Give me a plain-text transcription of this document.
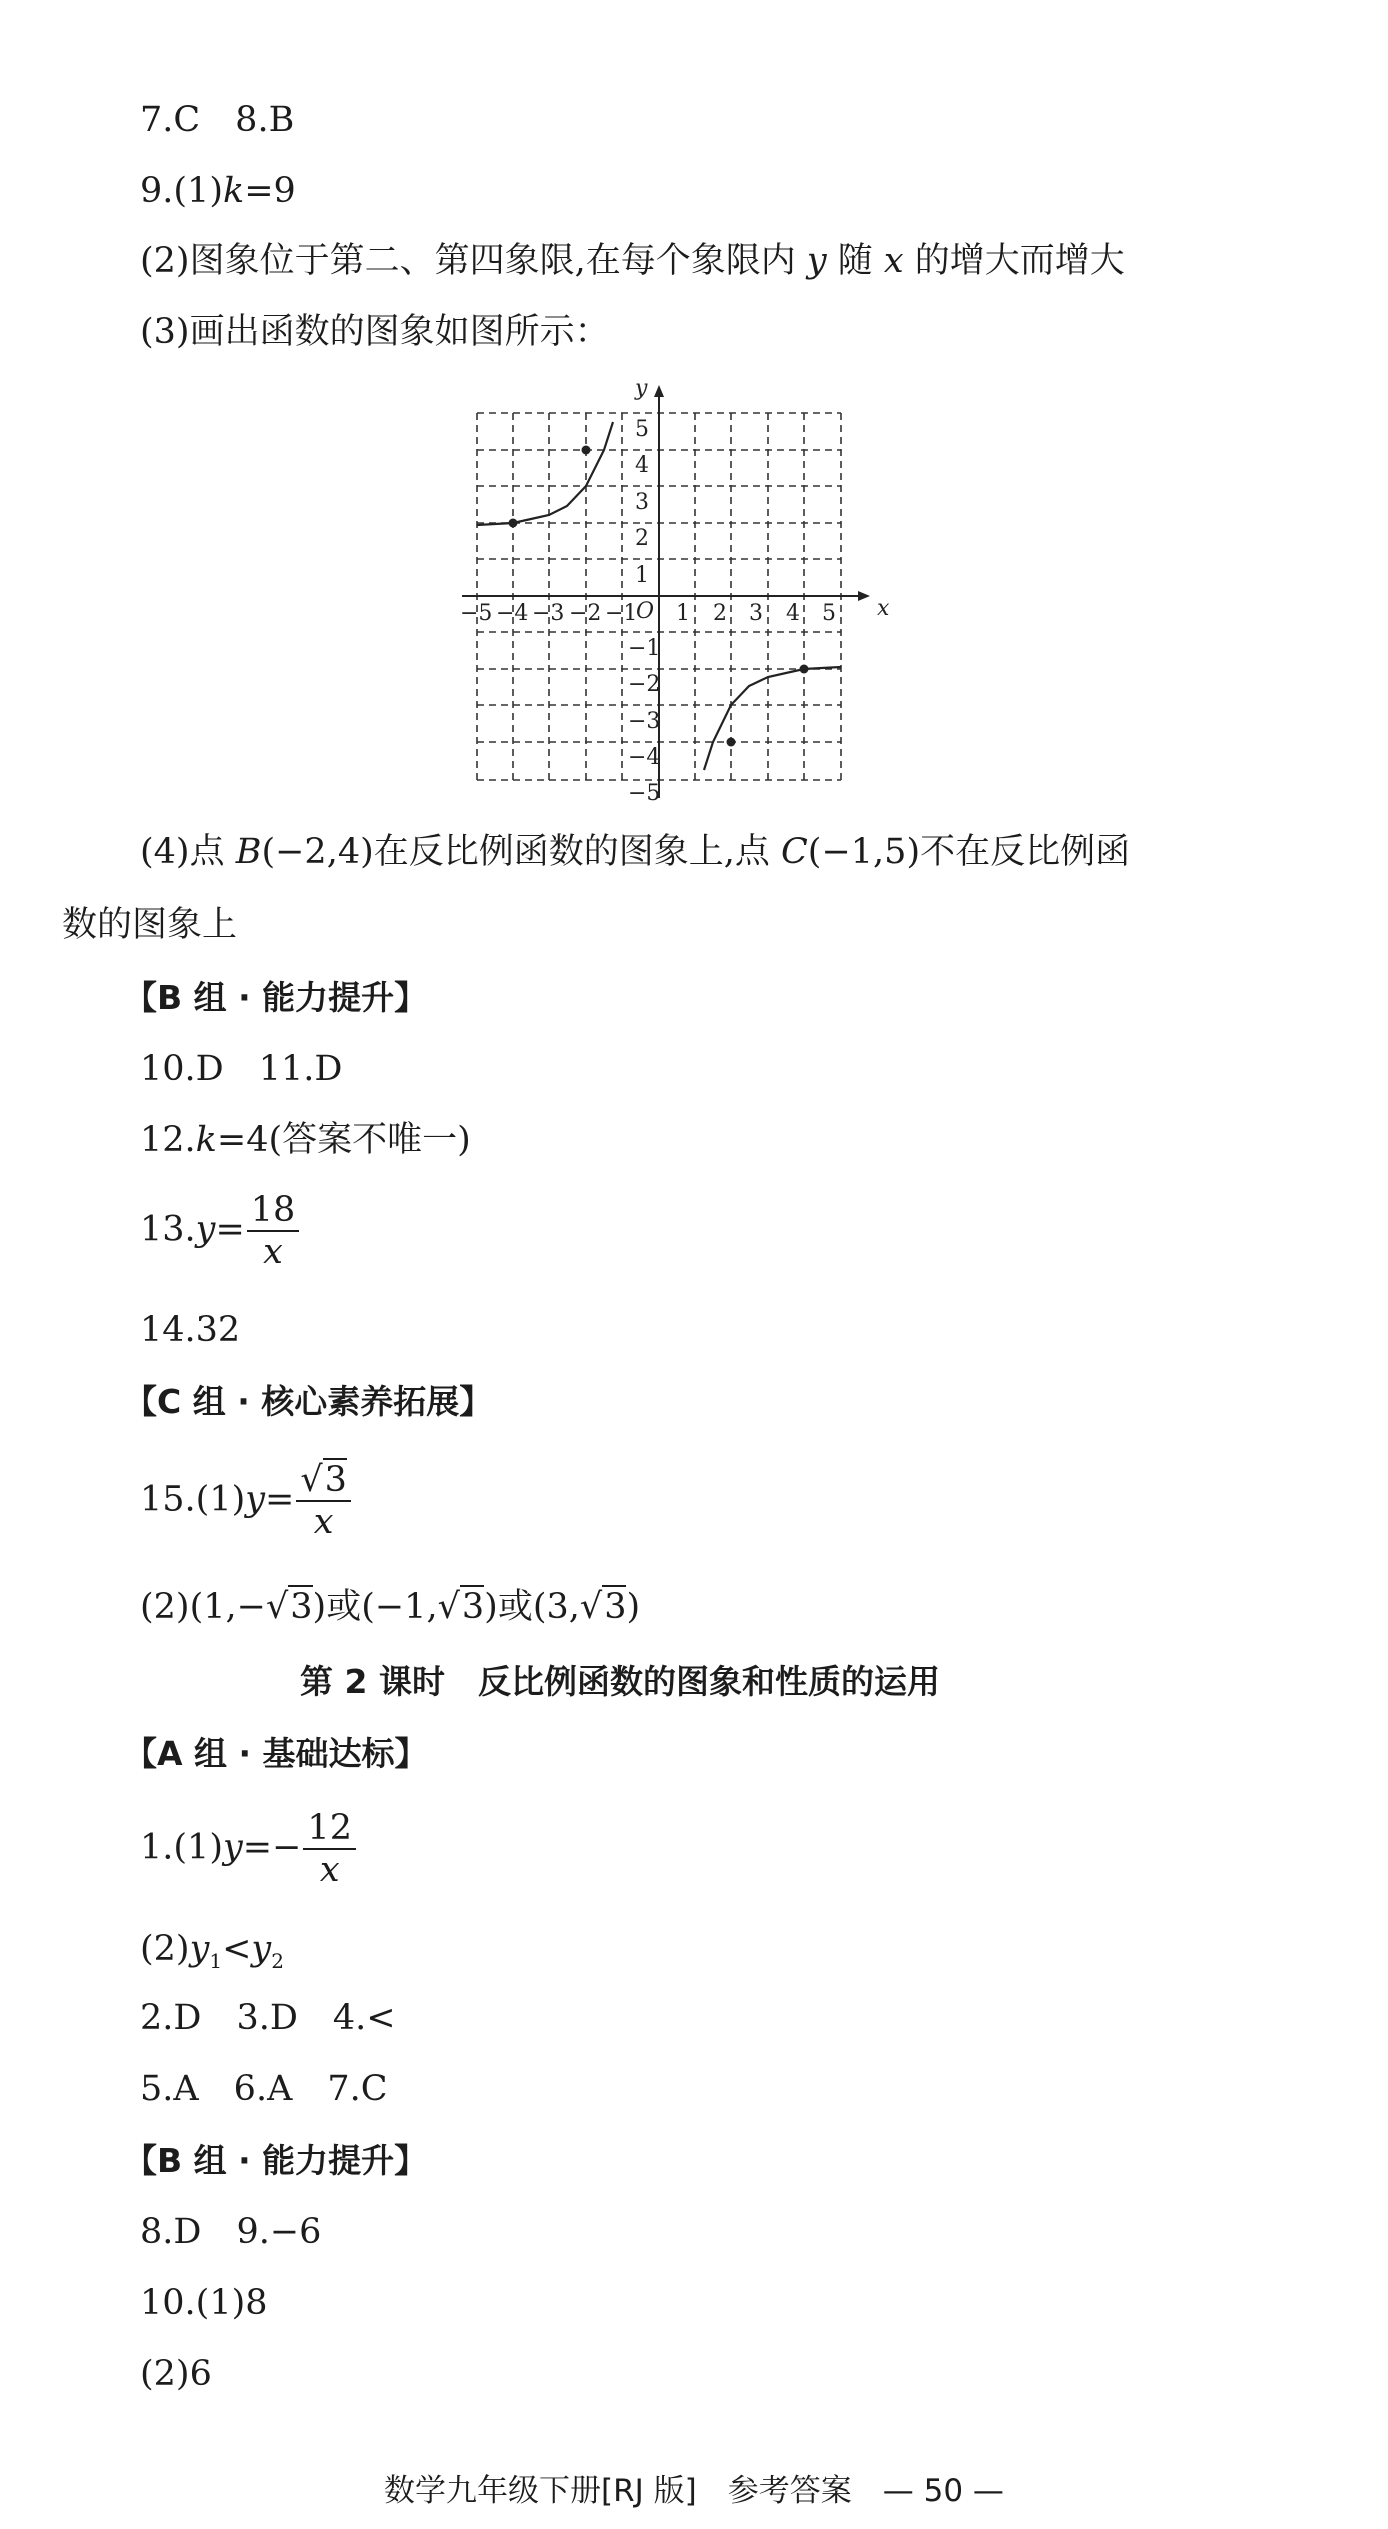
7.C　8.B
9.(1)k=9
(2)图象位于第二、第四象限,在每个象限内 y 随 x 的增大而增大
(3)画出函数的图象如图所示：
x
y
O
−5 −4 −3 −2 −1 1 2 3 4 5
5
4
3
2
1
−1
−2
−3
−4
−5
(4)点 B(−2,4)在反比例函数的图象上,点 C(−1,5)不在反比例函
数的图象上
【B 组 · 能力提升】
10.D　11.D
12.k=4(答案不唯一)
$13.y= \frac{18}{x}$
14.32
【C 组 · 核心素养拓展】
$15.(1)y= \frac{√3}{x}$
(2)(1,−√3)或(−1,√3)或(3,√3)
第 2 课时　反比例函数的图象和性质的运用
【A 组 · 基础达标】
$1.(1)y=- \frac{12}{x}$
$(2)y_1<y_2$
2.D　3.D　4.<
5.A　6.A　7.C
【B 组 · 能力提升】
8.D　9.−6
10.(1)8
(2)6
数学九年级下册[RJ 版]　参考答案　— 50 —
